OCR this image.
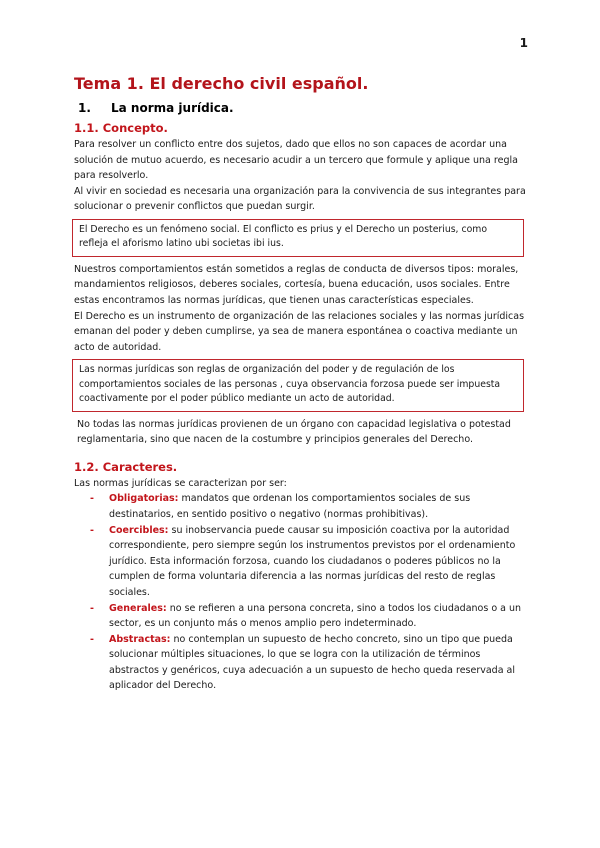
1
Tema 1. El derecho civil español.
1.	La norma jurídica.
1.1. Concepto.

Para resolver un conflicto entre dos sujetos, dado que ellos no son capaces de acordar una solución de mutuo acuerdo, es necesario acudir a un tercero que formule y aplique una regla para resolverlo.

Al vivir en sociedad es necesaria una organización para la convivencia de sus integrantes para solucionar o prevenir conflictos que puedan surgir.

El Derecho es un fenómeno social. El conflicto es prius y el Derecho un posterius, como refleja el aforismo latino ubi societas ibi ius.

Nuestros comportamientos están sometidos a reglas de conducta de diversos tipos: morales, mandamientos religiosos, deberes sociales, cortesía, buena educación, usos sociales. Entre estas encontramos las normas jurídicas, que tienen unas características especiales.

El Derecho es un instrumento de organización de las relaciones sociales y las normas jurídicas emanan del poder y deben cumplirse, ya sea de manera espontánea o coactiva mediante un acto de autoridad.

Las normas jurídicas son reglas de organización del poder y de regulación de los comportamientos sociales de las personas , cuya observancia forzosa puede ser impuesta coactivamente por el poder público mediante un acto de autoridad.

No todas las normas jurídicas provienen de un órgano con capacidad legislativa o potestad reglamentaria, sino que nacen de la costumbre y principios generales del Derecho.

1.2. Caracteres.

Las normas jurídicas se caracterizan por ser:

- Obligatorias: mandatos que ordenan los comportamientos sociales de sus destinatarios, en sentido positivo o negativo (normas prohibitivas).
- Coercibles: su inobservancia puede causar su imposición coactiva por la autoridad correspondiente, pero siempre según los instrumentos previstos por el ordenamiento jurídico. Esta información forzosa, cuando los ciudadanos o poderes públicos no la cumplen de forma voluntaria diferencia a las normas jurídicas del resto de reglas sociales.
- Generales: no se refieren a una persona concreta, sino a todos los ciudadanos o a un sector, es un conjunto más o menos amplio pero indeterminado.
- Abstractas: no contemplan un supuesto de hecho concreto, sino un tipo que pueda solucionar múltiples situaciones, lo que se logra con la utilización de términos abstractos y genéricos, cuya adecuación a un supuesto de hecho queda reservada al aplicador del Derecho.
